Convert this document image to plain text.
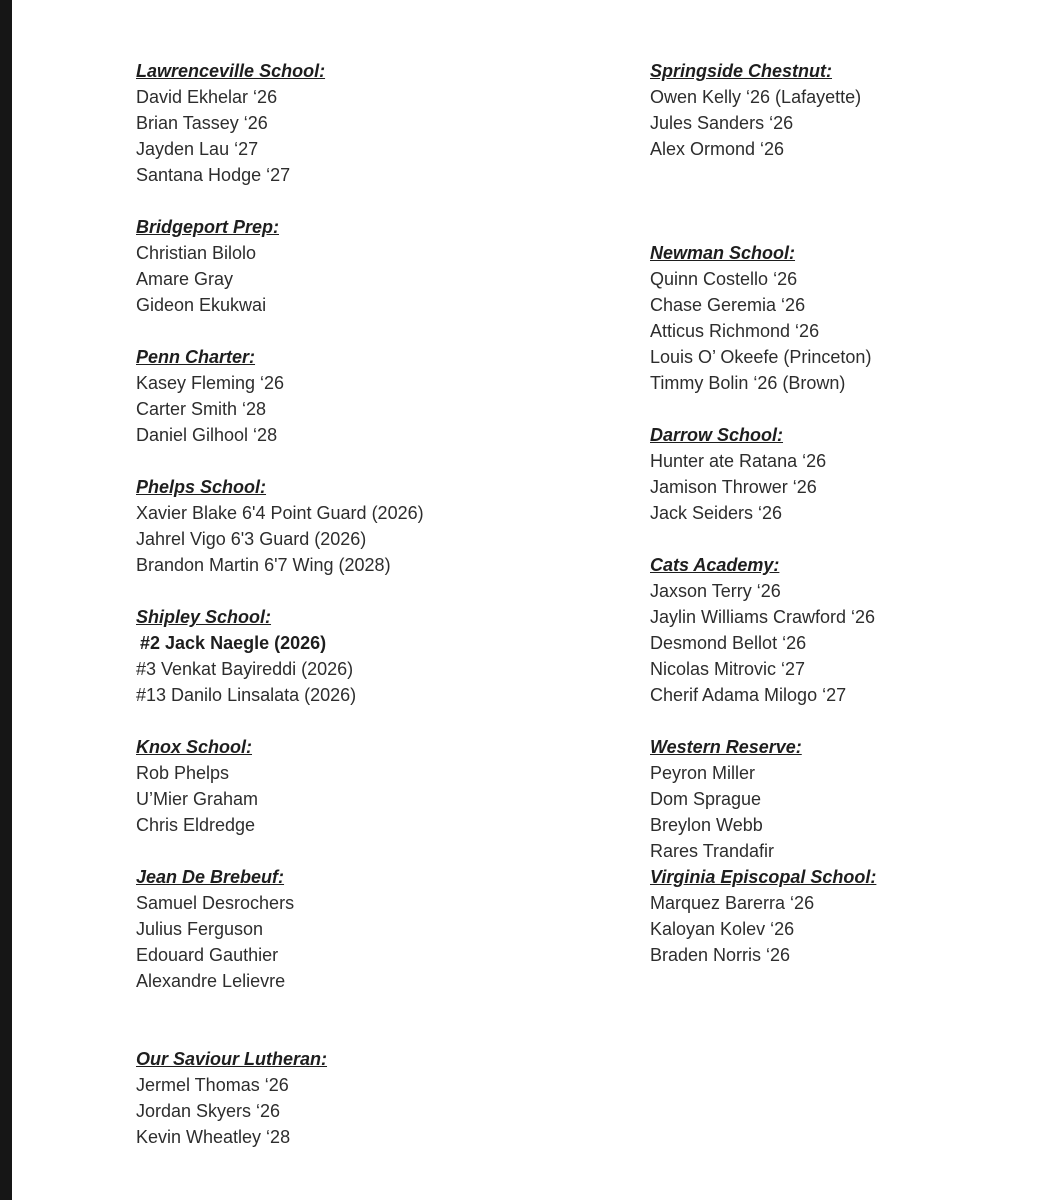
Lawrenceville School:
David Ekhelar ‘26
Brian Tassey ‘26
Jayden Lau ‘27
Santana Hodge ‘27
Bridgeport Prep:
Christian Bilolo
Amare Gray
Gideon Ekukwai
Penn Charter:
Kasey Fleming ‘26
Carter Smith ‘28
Daniel Gilhool ‘28
Phelps School:
Xavier Blake 6'4 Point Guard (2026)
Jahrel Vigo 6'3 Guard (2026)
Brandon Martin 6'7 Wing (2028)
Shipley School:
#2 Jack Naegle (2026)
#3 Venkat Bayireddi (2026)
#13 Danilo Linsalata (2026)
Knox School:
Rob Phelps
U’Mier Graham
Chris Eldredge
Jean De Brebeuf:
Samuel Desrochers
Julius Ferguson
Edouard Gauthier
Alexandre Lelievre
Our Saviour Lutheran:
Jermel Thomas ‘26
Jordan Skyers ‘26
Kevin Wheatley ‘28
Springside Chestnut:
Owen Kelly ‘26 (Lafayette)
Jules Sanders ‘26
Alex Ormond ‘26
Newman School:
Quinn Costello ‘26
Chase Geremia ‘26
Atticus Richmond ‘26
Louis O’ Okeefe (Princeton)
Timmy Bolin ‘26 (Brown)
Darrow School:
Hunter ate Ratana ‘26
Jamison Thrower ‘26
Jack Seiders ‘26
Cats Academy:
Jaxson Terry ‘26
Jaylin Williams Crawford ‘26
Desmond Bellot ‘26
Nicolas Mitrovic ‘27
Cherif Adama Milogo ‘27
Western Reserve:
Peyron Miller
Dom Sprague
Breylon Webb
Rares Trandafir
Virginia Episcopal School:
Marquez Barerra ‘26
Kaloyan Kolev ‘26
Braden Norris ‘26
